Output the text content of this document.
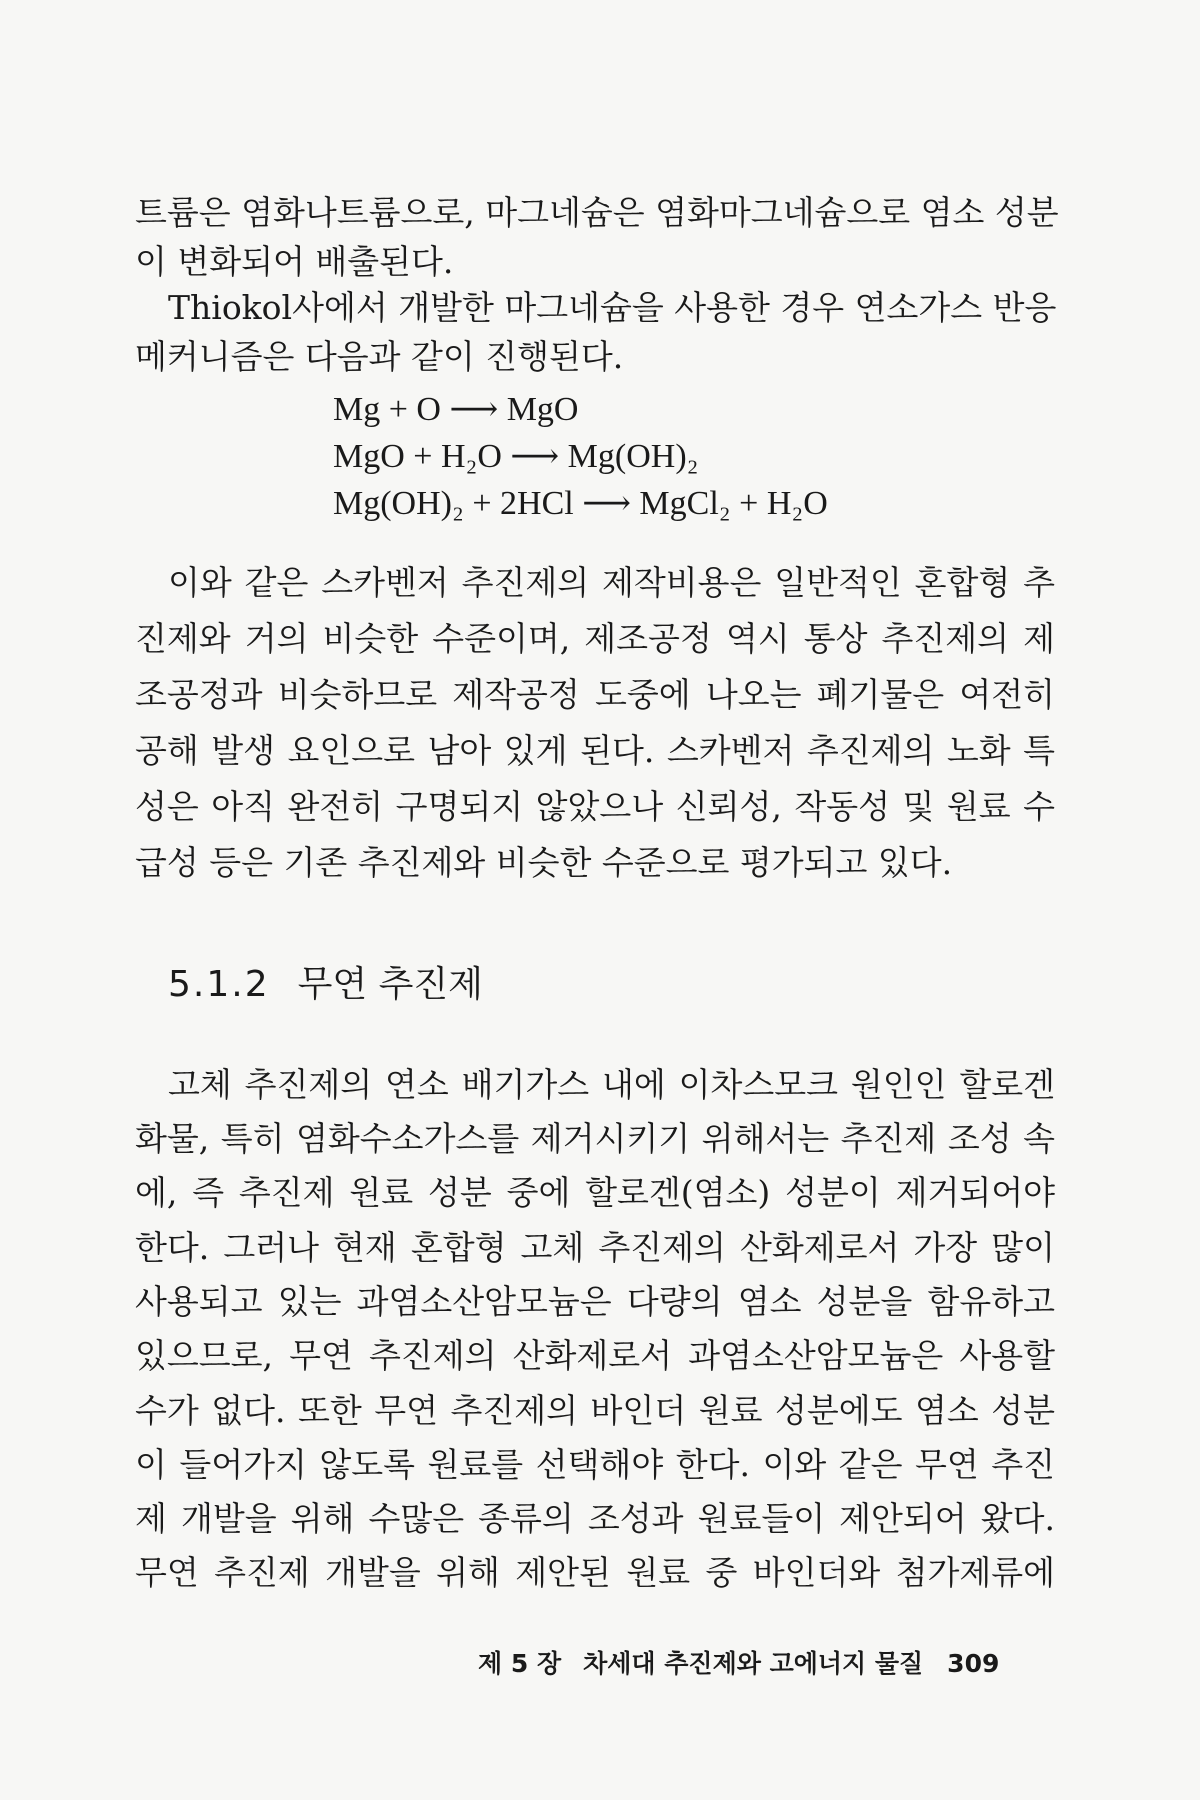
트륨은 염화나트륨으로, 마그네슘은 염화마그네슘으로 염소 성분
이 변화되어 배출된다.
Thiokol사에서 개발한 마그네슘을 사용한 경우 연소가스 반응
메커니즘은 다음과 같이 진행된다.
Mg + O ⟶ MgO
MgO + H₂O ⟶ Mg(OH)₂
Mg(OH)₂ + 2HCl ⟶ MgCl₂ + H₂O
이와 같은 스카벤저 추진제의 제작비용은 일반적인 혼합형 추
진제와 거의 비슷한 수준이며, 제조공정 역시 통상 추진제의 제
조공정과 비슷하므로 제작공정 도중에 나오는 폐기물은 여전히
공해 발생 요인으로 남아 있게 된다. 스카벤저 추진제의 노화 특
성은 아직 완전히 구명되지 않았으나 신뢰성, 작동성 및 원료 수
급성 등은 기존 추진제와 비슷한 수준으로 평가되고 있다.
5.1.2 무연 추진제
고체 추진제의 연소 배기가스 내에 이차스모크 원인인 할로겐
화물, 특히 염화수소가스를 제거시키기 위해서는 추진제 조성 속
에, 즉 추진제 원료 성분 중에 할로겐(염소) 성분이 제거되어야
한다. 그러나 현재 혼합형 고체 추진제의 산화제로서 가장 많이
사용되고 있는 과염소산암모늄은 다량의 염소 성분을 함유하고
있으므로, 무연 추진제의 산화제로서 과염소산암모늄은 사용할
수가 없다. 또한 무연 추진제의 바인더 원료 성분에도 염소 성분
이 들어가지 않도록 원료를 선택해야 한다. 이와 같은 무연 추진
제 개발을 위해 수많은 종류의 조성과 원료들이 제안되어 왔다.
무연 추진제 개발을 위해 제안된 원료 중 바인더와 첨가제류에
제 5 장 차세대 추진제와 고에너지 물질 309
